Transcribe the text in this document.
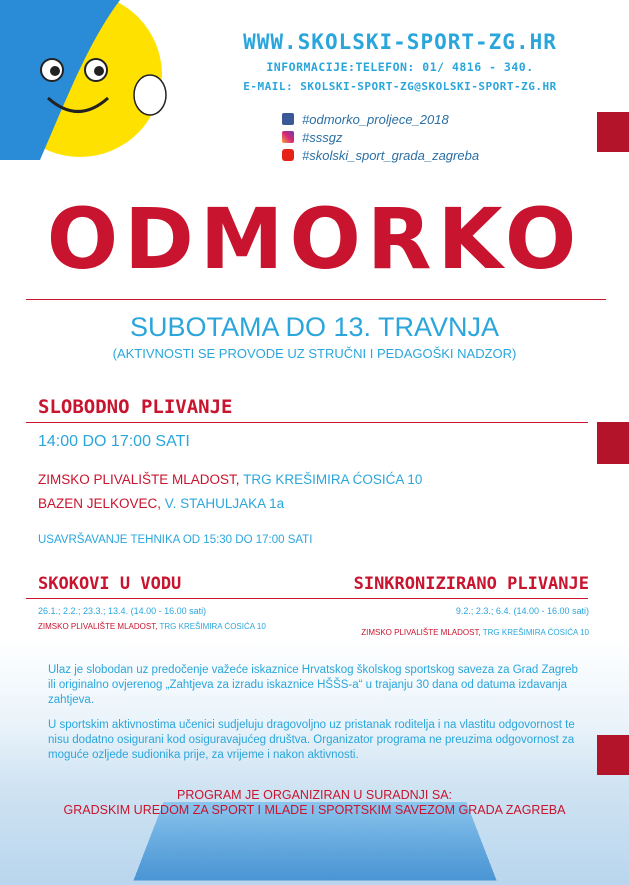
WWW.SKOLSKI-SPORT-ZG.HR
INFORMACIJE:TELEFON: 01/ 4816 - 340.
E-MAIL: SKOLSKI-SPORT-ZG@SKOLSKI-SPORT-ZG.HR
#odmorko_proljece_2018
#sssgz
#skolski_sport_grada_zagreba
ODMORKO
SUBOTAMA DO 13. TRAVNJA
(AKTIVNOSTI SE PROVODE UZ STRUČNI I PEDAGOŠKI NADZOR)
SLOBODNO PLIVANJE
14:00 DO 17:00 SATI
ZIMSKO PLIVALIŠTE MLADOST, TRG KREŠIMIRA ĆOSIĆA 10
BAZEN JELKOVEC, V. STAHULJAKA 1a
USAVRŠAVANJE TEHNIKA OD 15:30 DO 17:00 SATI
SKOKOVI U VODU	SINKRONIZIRANO PLIVANJE
26.1.; 2.2.; 23.3.; 13.4. (14.00 - 16.00 sati)
ZIMSKO PLIVALIŠTE MLADOST, TRG KREŠIMIRA ĆOSIĆA 10
9.2.; 2.3.; 6.4. (14.00 - 16.00 sati)
ZIMSKO PLIVALIŠTE MLADOST, TRG KREŠIMIRA ĆOSIĆA 10
Ulaz je slobodan uz predočenje važeće iskaznice Hrvatskog školskog sportskog saveza za Grad Zagreb ili originalno ovjerenog „Zahtjeva za izradu iskaznice HŠŠS-a“ u trajanju 30 dana od datuma izdavanja zahtjeva.
U sportskim aktivnostima učenici sudjeluju dragovoljno uz pristanak roditelja i na vlastitu odgovornost te nisu dodatno osigurani kod osiguravajućeg društva. Organizator programa ne preuzima odgovornost za moguće ozljede sudionika prije, za vrijeme i nakon aktivnosti.
PROGRAM JE ORGANIZIRAN U SURADNJI SA:
GRADSKIM UREDOM ZA SPORT I MLADE I SPORTSKIM SAVEZOM GRADA ZAGREBA
